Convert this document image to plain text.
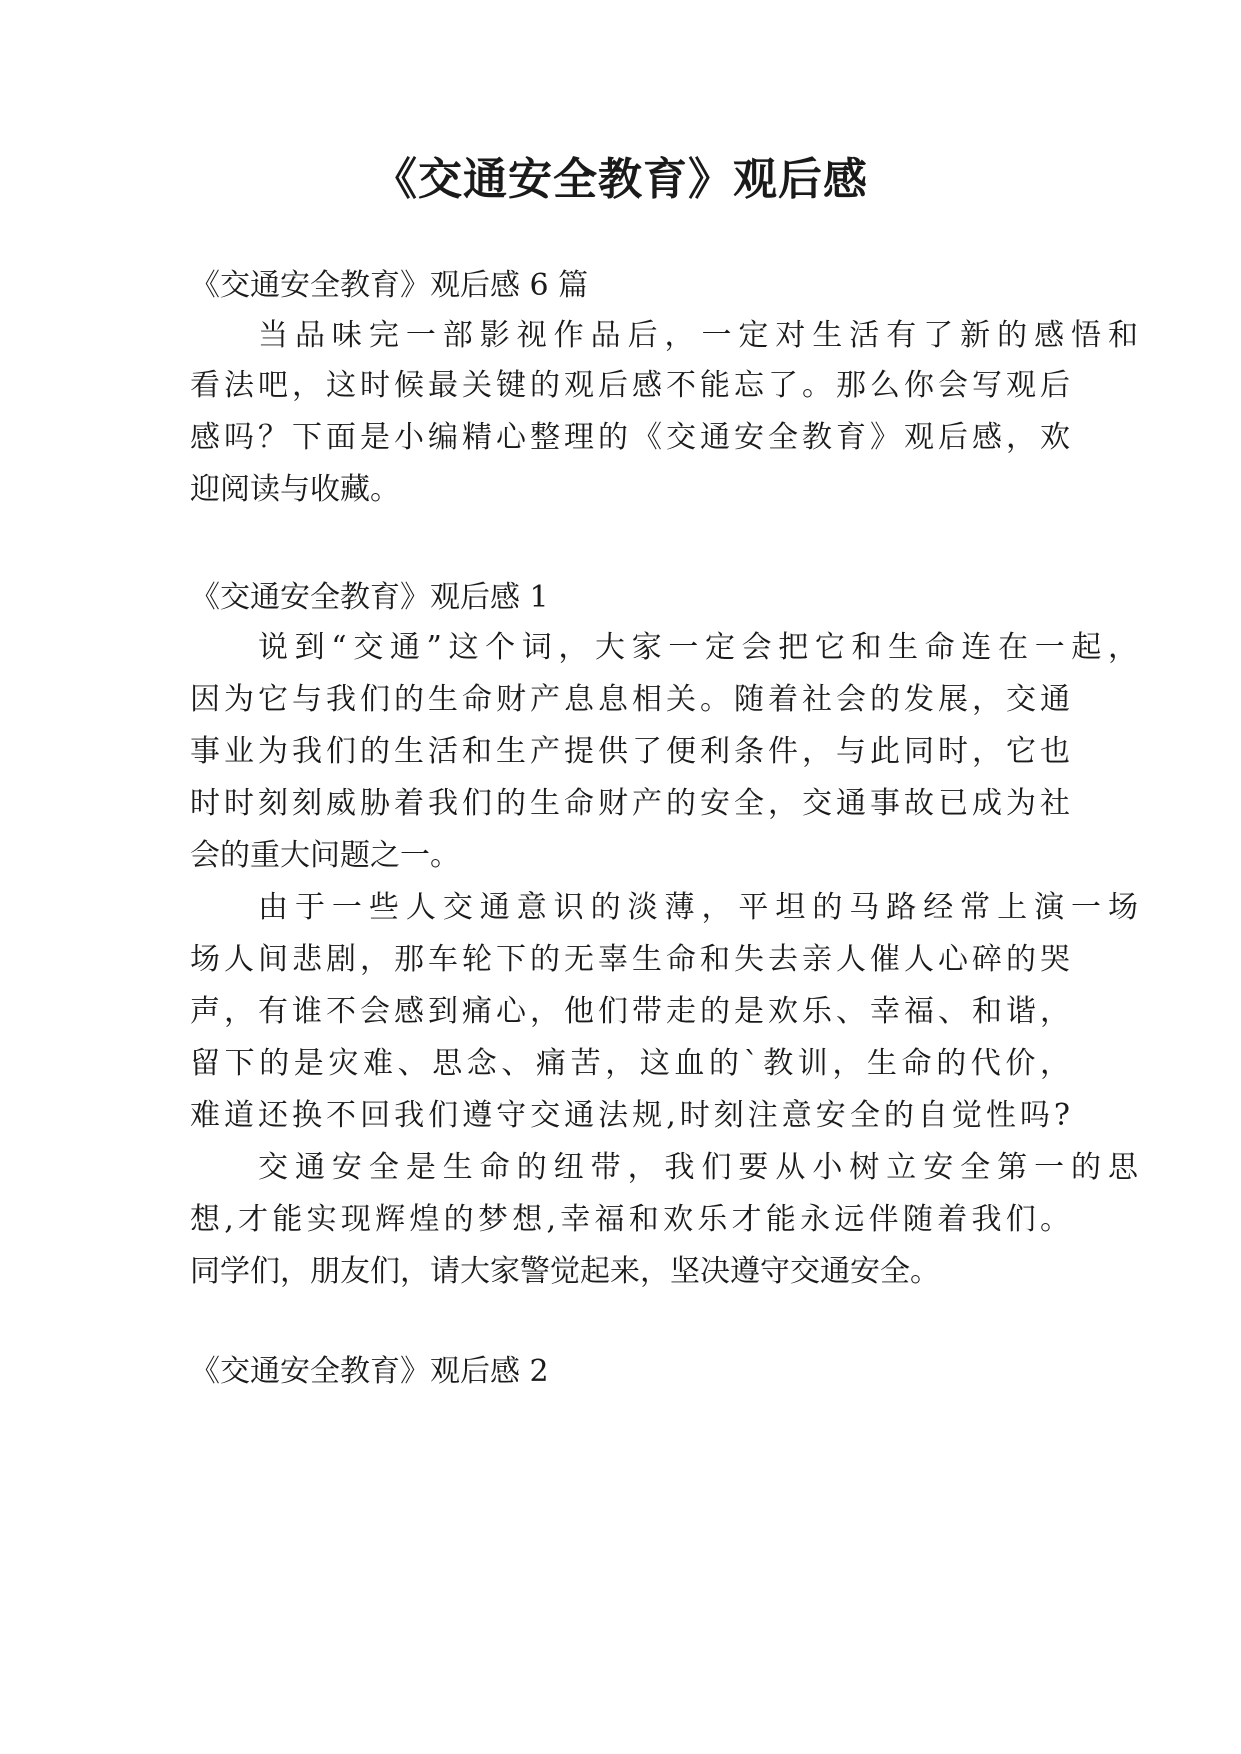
《交通安全教育》观后感

《交通安全教育》观后感 6 篇

当品味完一部影视作品后，一定对生活有了新的感悟和

看法吧，这时候最关键的观后感不能忘了。那么你会写观后

感吗？下面是小编精心整理的《交通安全教育》观后感，欢

迎阅读与收藏。

《交通安全教育》观后感 1

说到“交通”这个词，大家一定会把它和生命连在一起，

因为它与我们的生命财产息息相关。随着社会的发展，交通

事业为我们的生活和生产提供了便利条件，与此同时，它也

时时刻刻威胁着我们的生命财产的安全，交通事故已成为社

会的重大问题之一。

由于一些人交通意识的淡薄，平坦的马路经常上演一场

场人间悲剧，那车轮下的无辜生命和失去亲人催人心碎的哭

声，有谁不会感到痛心，他们带走的是欢乐、幸福、和谐，

留下的是灾难、思念、痛苦，这血的`教训，生命的代价，

难道还换不回我们遵守交通法规,时刻注意安全的自觉性吗?

交通安全是生命的纽带，我们要从小树立安全第一的思

想,才能实现辉煌的梦想,幸福和欢乐才能永远伴随着我们。

同学们，朋友们，请大家警觉起来，坚决遵守交通安全。

《交通安全教育》观后感 2
